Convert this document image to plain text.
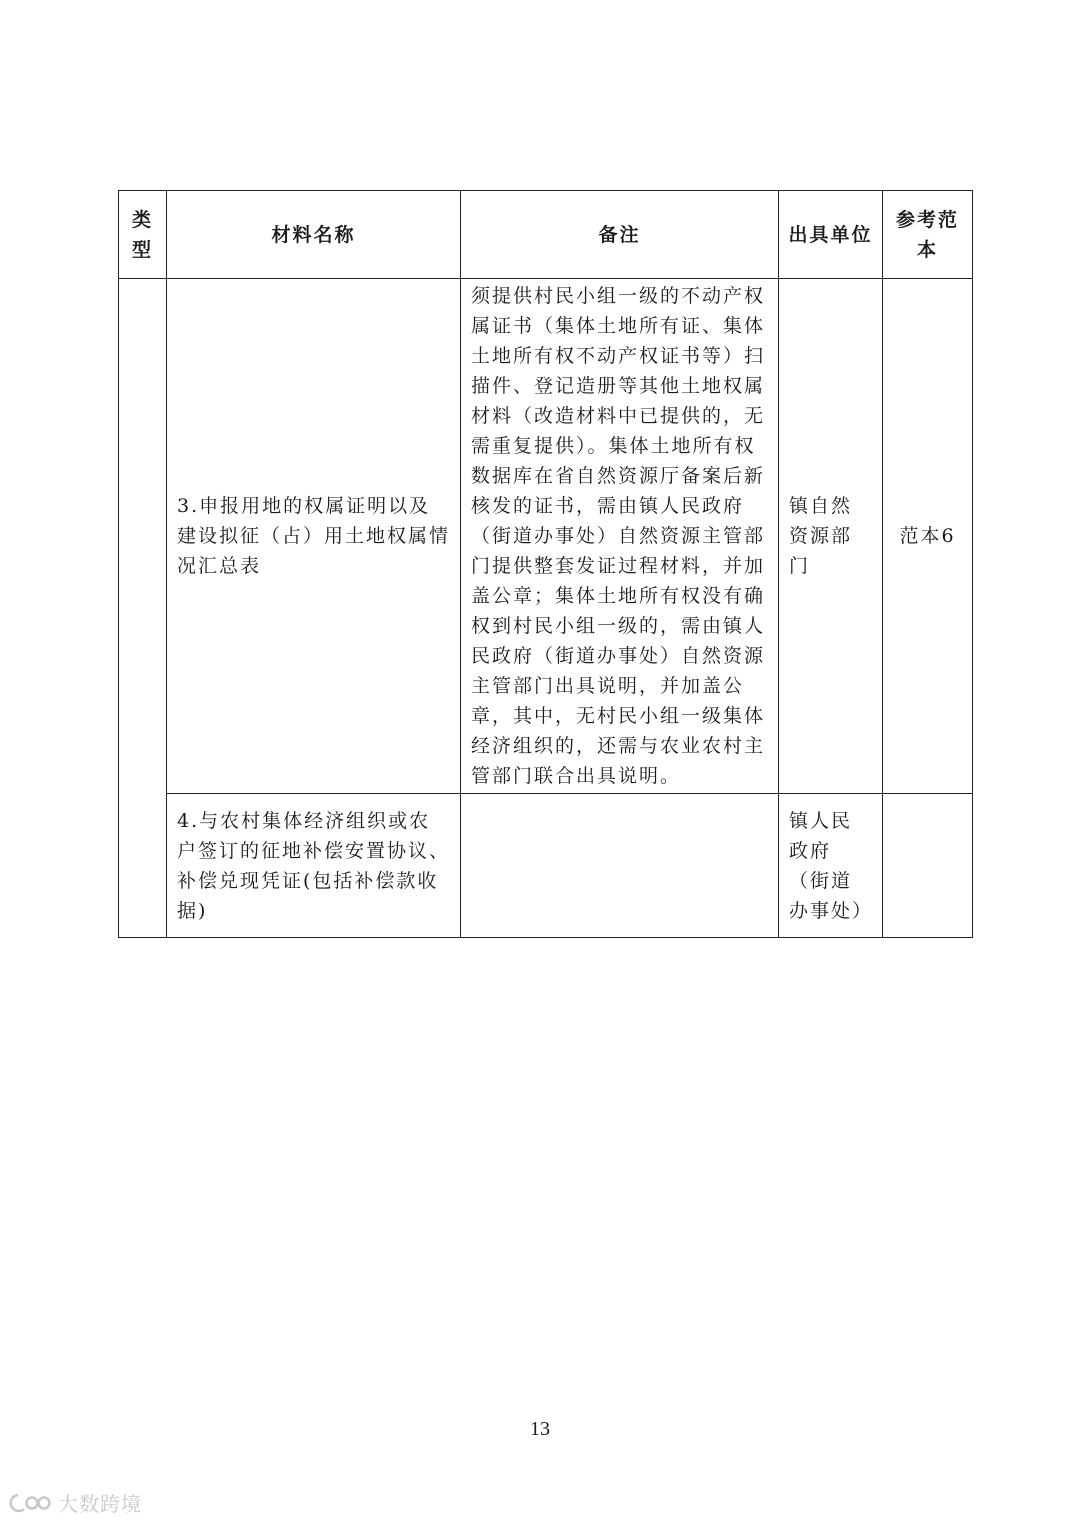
类型	材料名称	备注	出具单位	参考范本

	3.申报用地的权属证明以及建设拟征（占）用土地权属情况汇总表	须提供村民小组一级的不动产权属证书（集体土地所有证、集体土地所有权不动产权证书等）扫描件、登记造册等其他土地权属材料（改造材料中已提供的，无需重复提供）。集体土地所有权数据库在省自然资源厅备案后新核发的证书，需由镇人民政府（街道办事处）自然资源主管部门提供整套发证过程材料，并加盖公章；集体土地所有权没有确权到村民小组一级的，需由镇人民政府（街道办事处）自然资源主管部门出具说明，并加盖公章，其中，无村民小组一级集体经济组织的，还需与农业农村主管部门联合出具说明。	镇自然资源部门	范本6

	4.与农村集体经济组织或农户签订的征地补偿安置协议、补偿兑现凭证(包括补偿款收据)		镇人民政府（街道办事处）	

13
大数跨境
